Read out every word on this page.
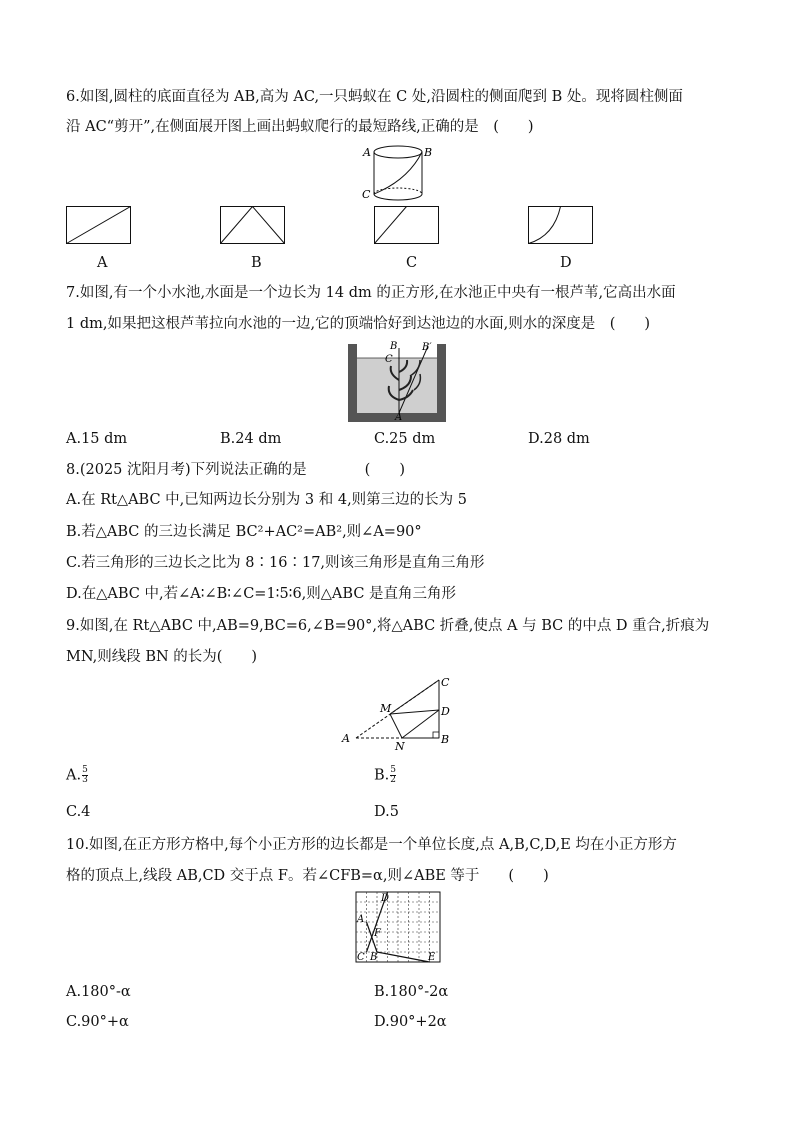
6.如图,圆柱的底面直径为 AB,高为 AC,一只蚂蚁在 C 处,沿圆柱的侧面爬到 B 处。现将圆柱侧面
沿 AC“剪开”,在侧面展开图上画出蚂蚁爬行的最短路线,正确的是　(　　)
A	B
C
A	B	C	D
7.如图,有一个小水池,水面是一个边长为 14 dm 的正方形,在水池正中央有一根芦苇,它高出水面
1 dm,如果把这根芦苇拉向水池的一边,它的顶端恰好到达池边的水面,则水的深度是　(　　)
B
C
B′
A
A.15 dm	B.24 dm	C.25 dm	D.28 dm
8.(2025 沈阳月考)下列说法正确的是　　　　(　　)
A.在 Rt△ABC 中,已知两边长分别为 3 和 4,则第三边的长为 5
B.若△ABC 的三边长满足 BC²+AC²=AB²,则∠A=90°
C.若三角形的三边长之比为 8∶16∶17,则该三角形是直角三角形
D.在△ABC 中,若∠A∶∠B∶∠C=1∶5∶6,则△ABC 是直角三角形
9.如图,在 Rt△ABC 中,AB=9,BC=6,∠B=90°,将△ABC 折叠,使点 A 与 BC 的中点 D 重合,折痕为
MN,则线段 BN 的长为(　　)
A	B
C
D
M
N
A. $\frac{5}{3}$	B. $\frac{5}{2}$
C.4	D.5
10.如图,在正方形方格中,每个小正方形的边长都是一个单位长度,点 A,B,C,D,E 均在小正方形方
格的顶点上,线段 AB,CD 交于点 F。若∠CFB=α,则∠ABE 等于　　(　　)
A
B
C
D
E
F
A.180°-α	B.180°-2α
C.90°+α	D.90°+2α
